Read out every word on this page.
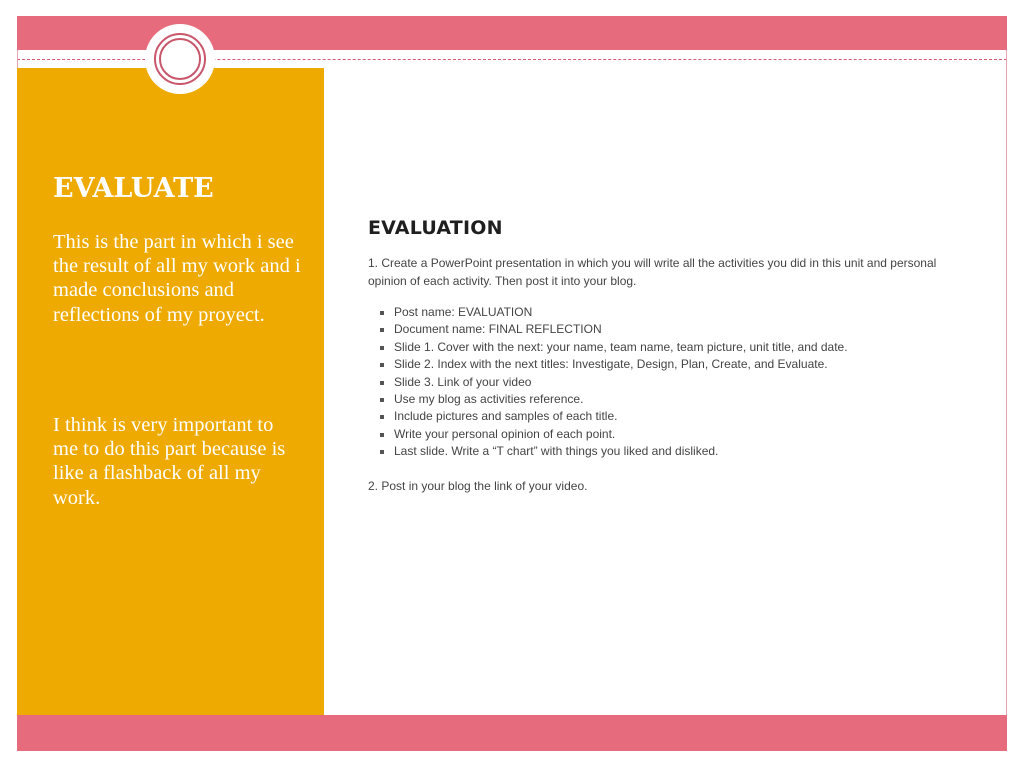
EVALUATE

This is the part in which i see the result of all my work and i made conclusions and reflections of my proyect.

I think is very important to me to do this part because is like a flashback of all my work.

EVALUATION

1. Create a PowerPoint presentation in which you will write all the activities you did in this unit and personal opinion of each activity. Then post it into your blog.

Post name: EVALUATION
Document name: FINAL REFLECTION
Slide 1. Cover with the next: your name, team name, team picture, unit title, and date.
Slide 2. Index with the next titles: Investigate, Design, Plan, Create, and Evaluate.
Slide 3. Link of your video
Use my blog as activities reference.
Include pictures and samples of each title.
Write your personal opinion of each point.
Last slide. Write a “T chart” with things you liked and disliked.

2. Post in your blog the link of your video.
